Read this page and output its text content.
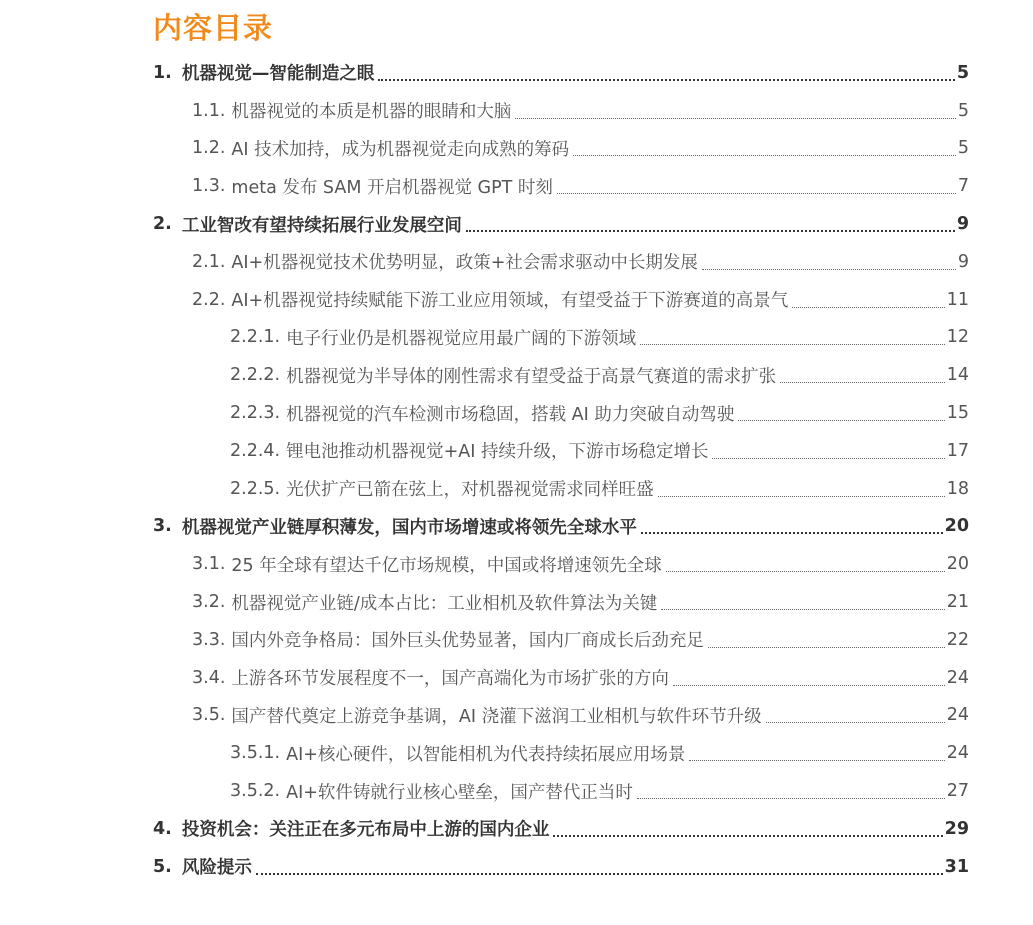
内容目录
1. 机器视觉—智能制造之眼	5
1.1. 机器视觉的本质是机器的眼睛和大脑	5
1.2. AI 技术加持，成为机器视觉走向成熟的筹码	5
1.3. meta 发布 SAM 开启机器视觉 GPT 时刻	7
2. 工业智改有望持续拓展行业发展空间	9
2.1. AI+机器视觉技术优势明显，政策+社会需求驱动中长期发展	9
2.2. AI+机器视觉持续赋能下游工业应用领域，有望受益于下游赛道的高景气	11
2.2.1. 电子行业仍是机器视觉应用最广阔的下游领域	12
2.2.2. 机器视觉为半导体的刚性需求有望受益于高景气赛道的需求扩张	14
2.2.3. 机器视觉的汽车检测市场稳固，搭载 AI 助力突破自动驾驶	15
2.2.4. 锂电池推动机器视觉+AI 持续升级，下游市场稳定增长	17
2.2.5. 光伏扩产已箭在弦上，对机器视觉需求同样旺盛	18
3. 机器视觉产业链厚积薄发，国内市场增速或将领先全球水平	20
3.1. 25 年全球有望达千亿市场规模，中国或将增速领先全球	20
3.2. 机器视觉产业链/成本占比：工业相机及软件算法为关键	21
3.3. 国内外竞争格局：国外巨头优势显著，国内厂商成长后劲充足	22
3.4. 上游各环节发展程度不一，国产高端化为市场扩张的方向	24
3.5. 国产替代奠定上游竞争基调，AI 浇灌下滋润工业相机与软件环节升级	24
3.5.1. AI+核心硬件，以智能相机为代表持续拓展应用场景	24
3.5.2. AI+软件铸就行业核心壁垒，国产替代正当时	27
4. 投资机会：关注正在多元布局中上游的国内企业	29
5. 风险提示	31
